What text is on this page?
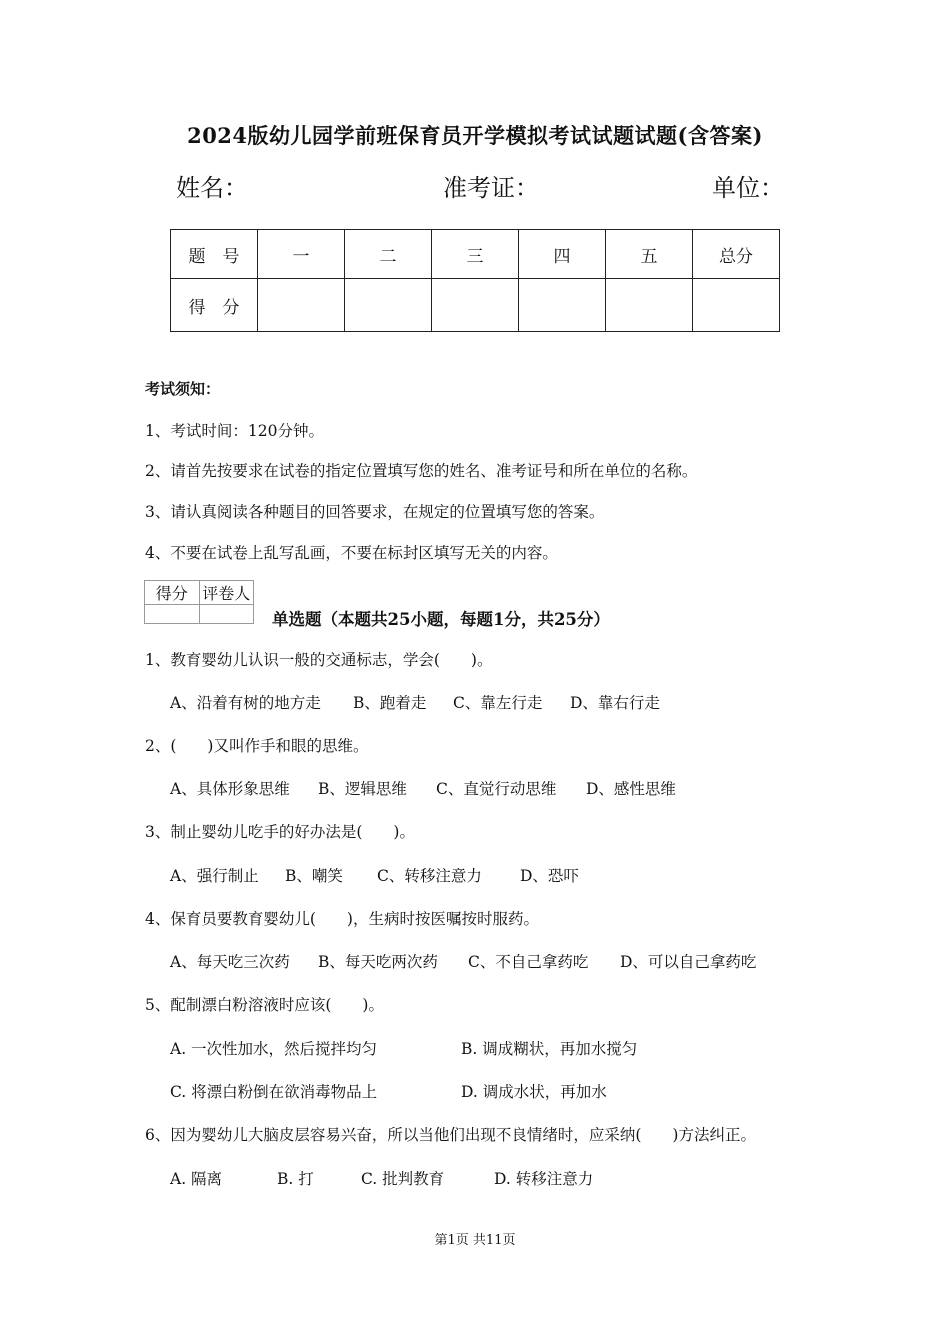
2024版幼儿园学前班保育员开学模拟考试试题试题(含答案)
姓名：	准考证：	单位：
题　号	一	二	三	四	五	总分
得　分						
考试须知：
1、考试时间：120分钟。
2、请首先按要求在试卷的指定位置填写您的姓名、准考证号和所在单位的名称。
3、请认真阅读各种题目的回答要求，在规定的位置填写您的答案。
4、不要在试卷上乱写乱画，不要在标封区填写无关的内容。
得分	评卷人

单选题（本题共25小题，每题1分，共25分）
1、教育婴幼儿认识一般的交通标志，学会(　　)。
A、沿着有树的地方走 B、跑着走 C、靠左行走 D、靠右行走
2、(　　)又叫作手和眼的思维。
A、具体形象思维 B、逻辑思维 C、直觉行动思维 D、感性思维
3、制止婴幼儿吃手的好办法是(　　)。
A、强行制止 B、嘲笑 C、转移注意力 D、恐吓
4、保育员要教育婴幼儿(　　)，生病时按医嘱按时服药。
A、每天吃三次药 B、每天吃两次药 C、不自己拿药吃 D、可以自己拿药吃
5、配制漂白粉溶液时应该(　　)。
A. 一次性加水，然后搅拌均匀	B. 调成糊状，再加水搅匀
C. 将漂白粉倒在欲消毒物品上	D. 调成水状，再加水
6、因为婴幼儿大脑皮层容易兴奋，所以当他们出现不良情绪时，应采纳(　　)方法纠正。
A. 隔离	B. 打	C. 批判教育	D. 转移注意力
第1页 共11页
